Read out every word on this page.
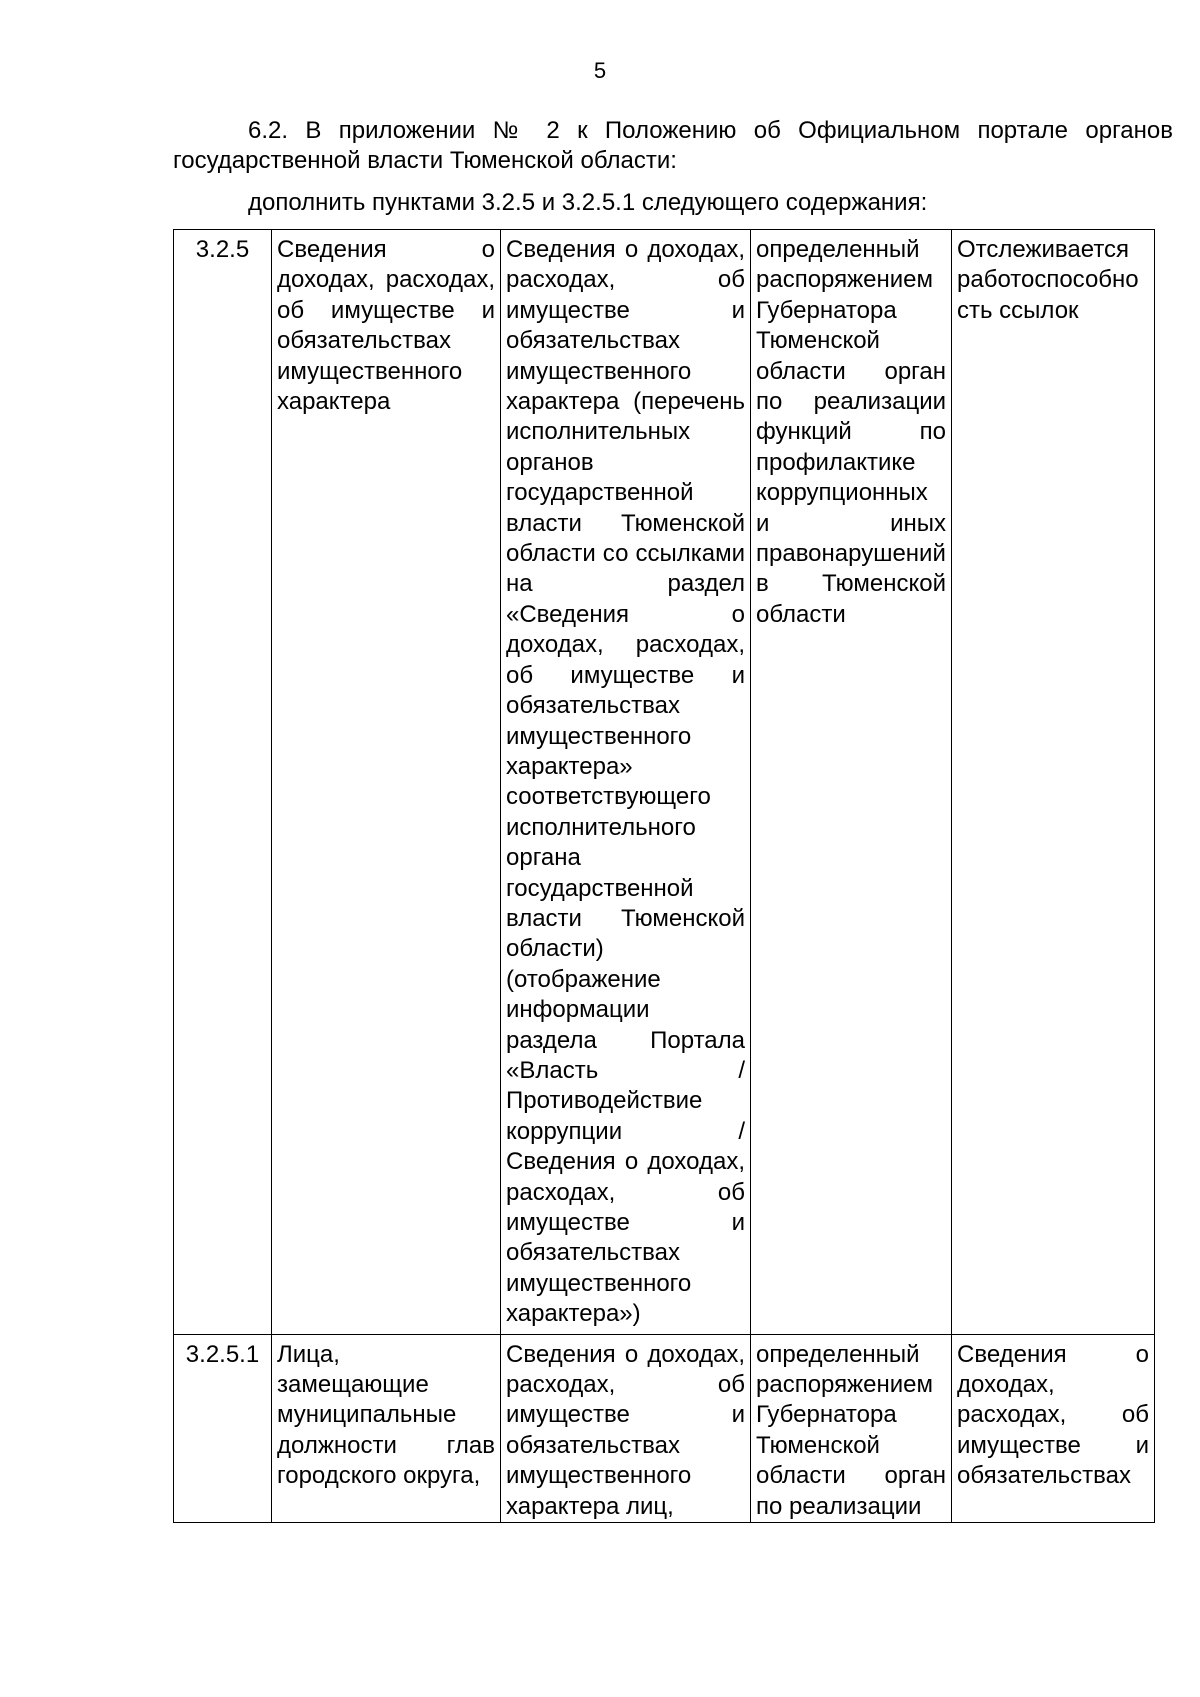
5
6.2. В приложении № 2 к Положению об Официальном портале органов государственной власти Тюменской области:
дополнить пунктами 3.2.5 и 3.2.5.1 следующего содержания:
3.2.5	Сведения о доходах, расходах, об имуществе и обязательствах имущественного характера	Сведения о доходах, расходах, об имуществе и обязательствах имущественного характера (перечень исполнительных органов государственной власти Тюменской области со ссылками на раздел «Сведения о доходах, расходах, об имуществе и обязательствах имущественного характера» соответствующего исполнительного органа государственной власти Тюменской области) (отображение информации раздела Портала «Власть / Противодействие коррупции / Сведения о доходах, расходах, об имуществе и обязательствах имущественного характера»)	определенный распоряжением Губернатора Тюменской области орган по реализации функций по профилактике коррупционных и иных правонарушений в Тюменской области	Отслеживается работоспособность ссылок

3.2.5.1	Лица, замещающие муниципальные должности глав городского округа,	Сведения о доходах, расходах, об имуществе и обязательствах имущественного характера лиц,	определенный распоряжением Губернатора Тюменской области орган по реализации	Сведения о доходах, расходах, об имуществе и обязательствах
